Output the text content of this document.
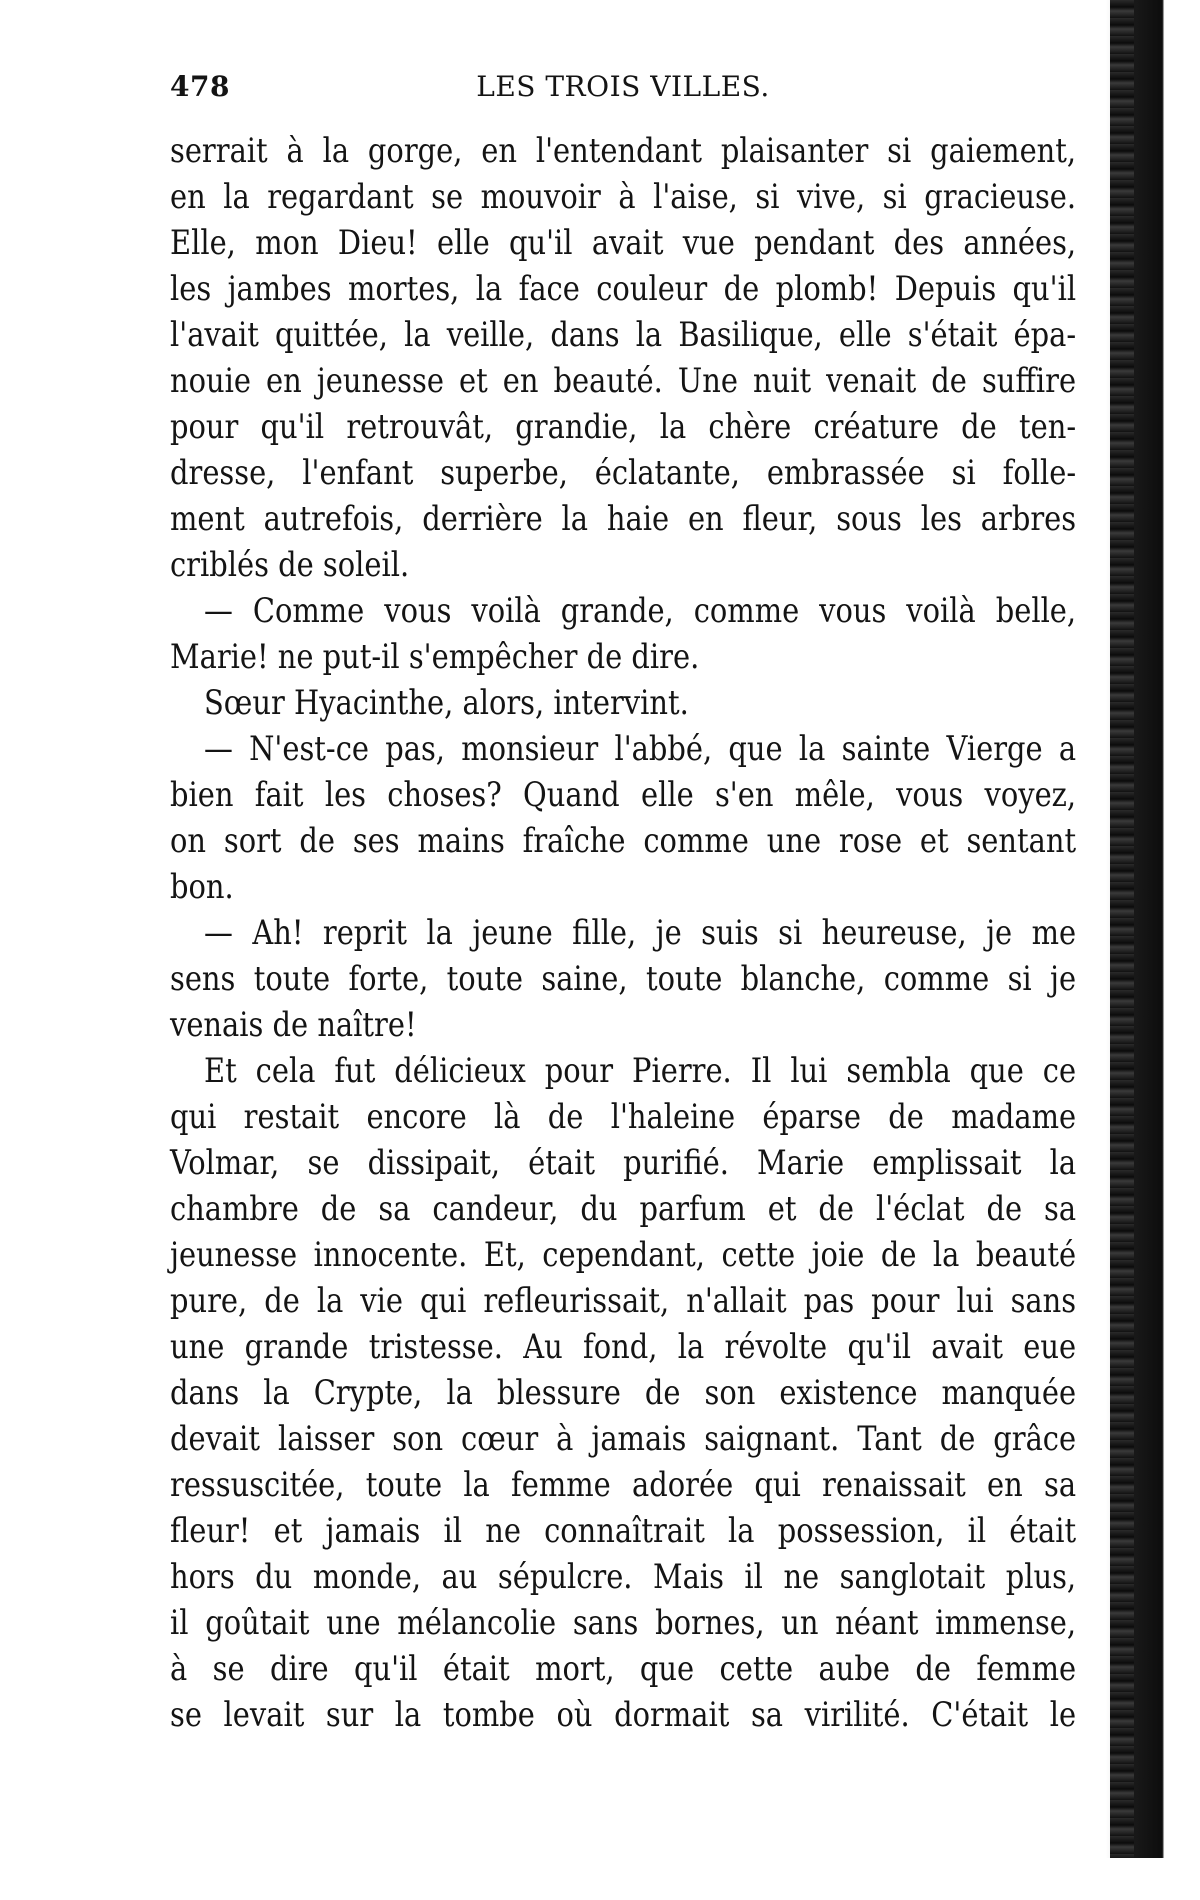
478	LES TROIS VILLES.
serrait à la gorge, en l'entendant plaisanter si gaiement,
en la regardant se mouvoir à l'aise, si vive, si gracieuse.
Elle, mon Dieu! elle qu'il avait vue pendant des années,
les jambes mortes, la face couleur de plomb! Depuis qu'il
l'avait quittée, la veille, dans la Basilique, elle s'était épa-
nouie en jeunesse et en beauté. Une nuit venait de suffire
pour qu'il retrouvât, grandie, la chère créature de ten-
dresse, l'enfant superbe, éclatante, embrassée si folle-
ment autrefois, derrière la haie en fleur, sous les arbres
criblés de soleil.
— Comme vous voilà grande, comme vous voilà belle,
Marie! ne put-il s'empêcher de dire.
Sœur Hyacinthe, alors, intervint.
— N'est-ce pas, monsieur l'abbé, que la sainte Vierge a
bien fait les choses? Quand elle s'en mêle, vous voyez,
on sort de ses mains fraîche comme une rose et sentant
bon.
— Ah! reprit la jeune fille, je suis si heureuse, je me
sens toute forte, toute saine, toute blanche, comme si je
venais de naître!
Et cela fut délicieux pour Pierre. Il lui sembla que ce
qui restait encore là de l'haleine éparse de madame
Volmar, se dissipait, était purifié. Marie emplissait la
chambre de sa candeur, du parfum et de l'éclat de sa
jeunesse innocente. Et, cependant, cette joie de la beauté
pure, de la vie qui refleurissait, n'allait pas pour lui sans
une grande tristesse. Au fond, la révolte qu'il avait eue
dans la Crypte, la blessure de son existence manquée
devait laisser son cœur à jamais saignant. Tant de grâce
ressuscitée, toute la femme adorée qui renaissait en sa
fleur! et jamais il ne connaîtrait la possession, il était
hors du monde, au sépulcre. Mais il ne sanglotait plus,
il goûtait une mélancolie sans bornes, un néant immense,
à se dire qu'il était mort, que cette aube de femme
se levait sur la tombe où dormait sa virilité. C'était le
